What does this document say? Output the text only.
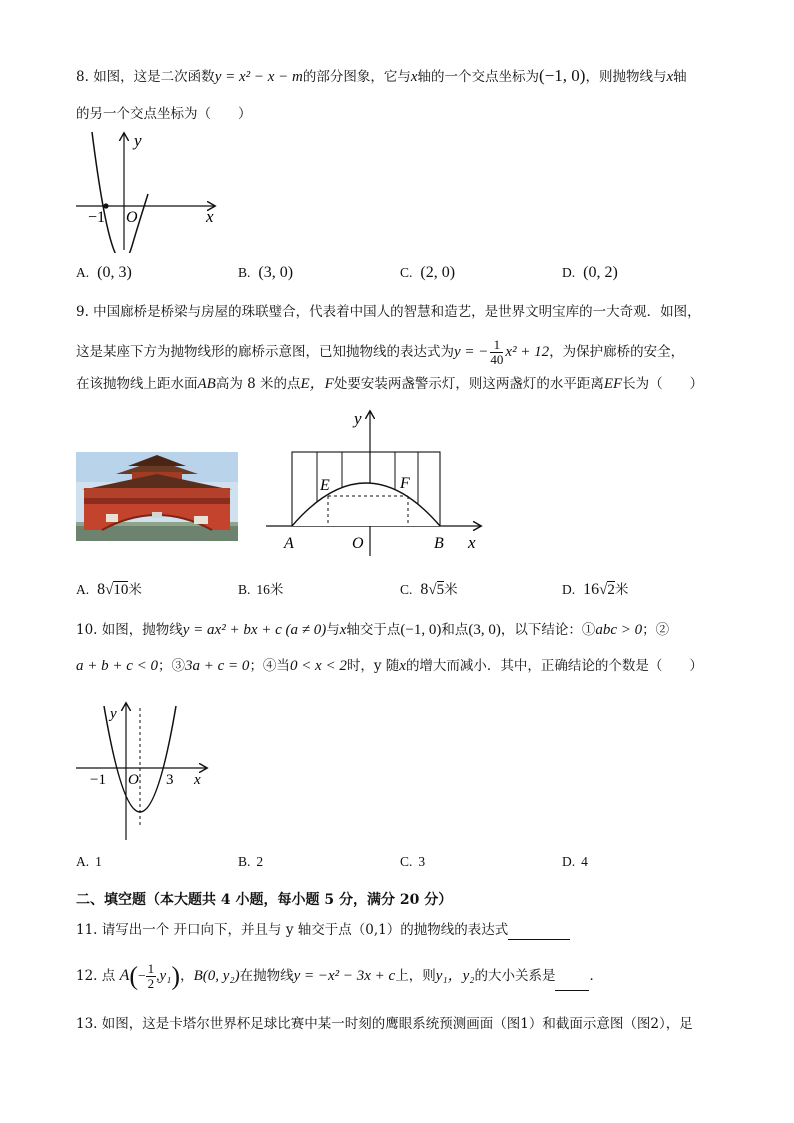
8. 如图，这是二次函数y = x² − x − m的部分图象，它与x轴的一个交点坐标为(−1, 0)，则抛物线与x轴
的另一个交点坐标为（　　）
y
x
−1 O
A. (0, 3)	B. (3, 0)	C. (2, 0)	D. (0, 2)
9. 中国廊桥是桥梁与房屋的珠联璧合，代表着中国人的智慧和造艺，是世界文明宝库的一大奇观．如图，
这是某座下方为抛物线形的廊桥示意图，已知抛物线的表达式为y = − $\frac{1}{40} x^2 + 12$，为保护廊桥的安全，
在该抛物线上距水面AB高为 8 米的点E，F处要安装两盏警示灯，则这两盏灯的水平距离EF长为（　　）
y
x
A	O	B
E	F
A. 8√10米	B. 16米	C. 8√5米	D. 16√2米
10. 如图，抛物线y = ax² + bx + c (a ≠ 0)与x轴交于点(−1, 0)和点(3, 0)，以下结论：①abc > 0；②
a + b + c < 0；③3a + c = 0；④当0 < x < 2时，y 随x的增大而减小．其中，正确结论的个数是（　　）
y
x
−1 O 3
A. 1	B. 2	C. 3	D. 4
二、填空题（本大题共 4 小题，每小题 5 分，满分 20 分）
11. 请写出一个 开口向下，并且与 y 轴交于点（0,1）的抛物线的表达式
12. 点 $A(- \frac{1}{2} ,y_1)$，B(0, y₂)在抛物线y = −x² − 3x + c上，则y₁，y₂的大小关系是	．
13. 如图，这是卡塔尔世界杯足球比赛中某一时刻的鹰眼系统预测画面（图1）和截面示意图（图2），足
